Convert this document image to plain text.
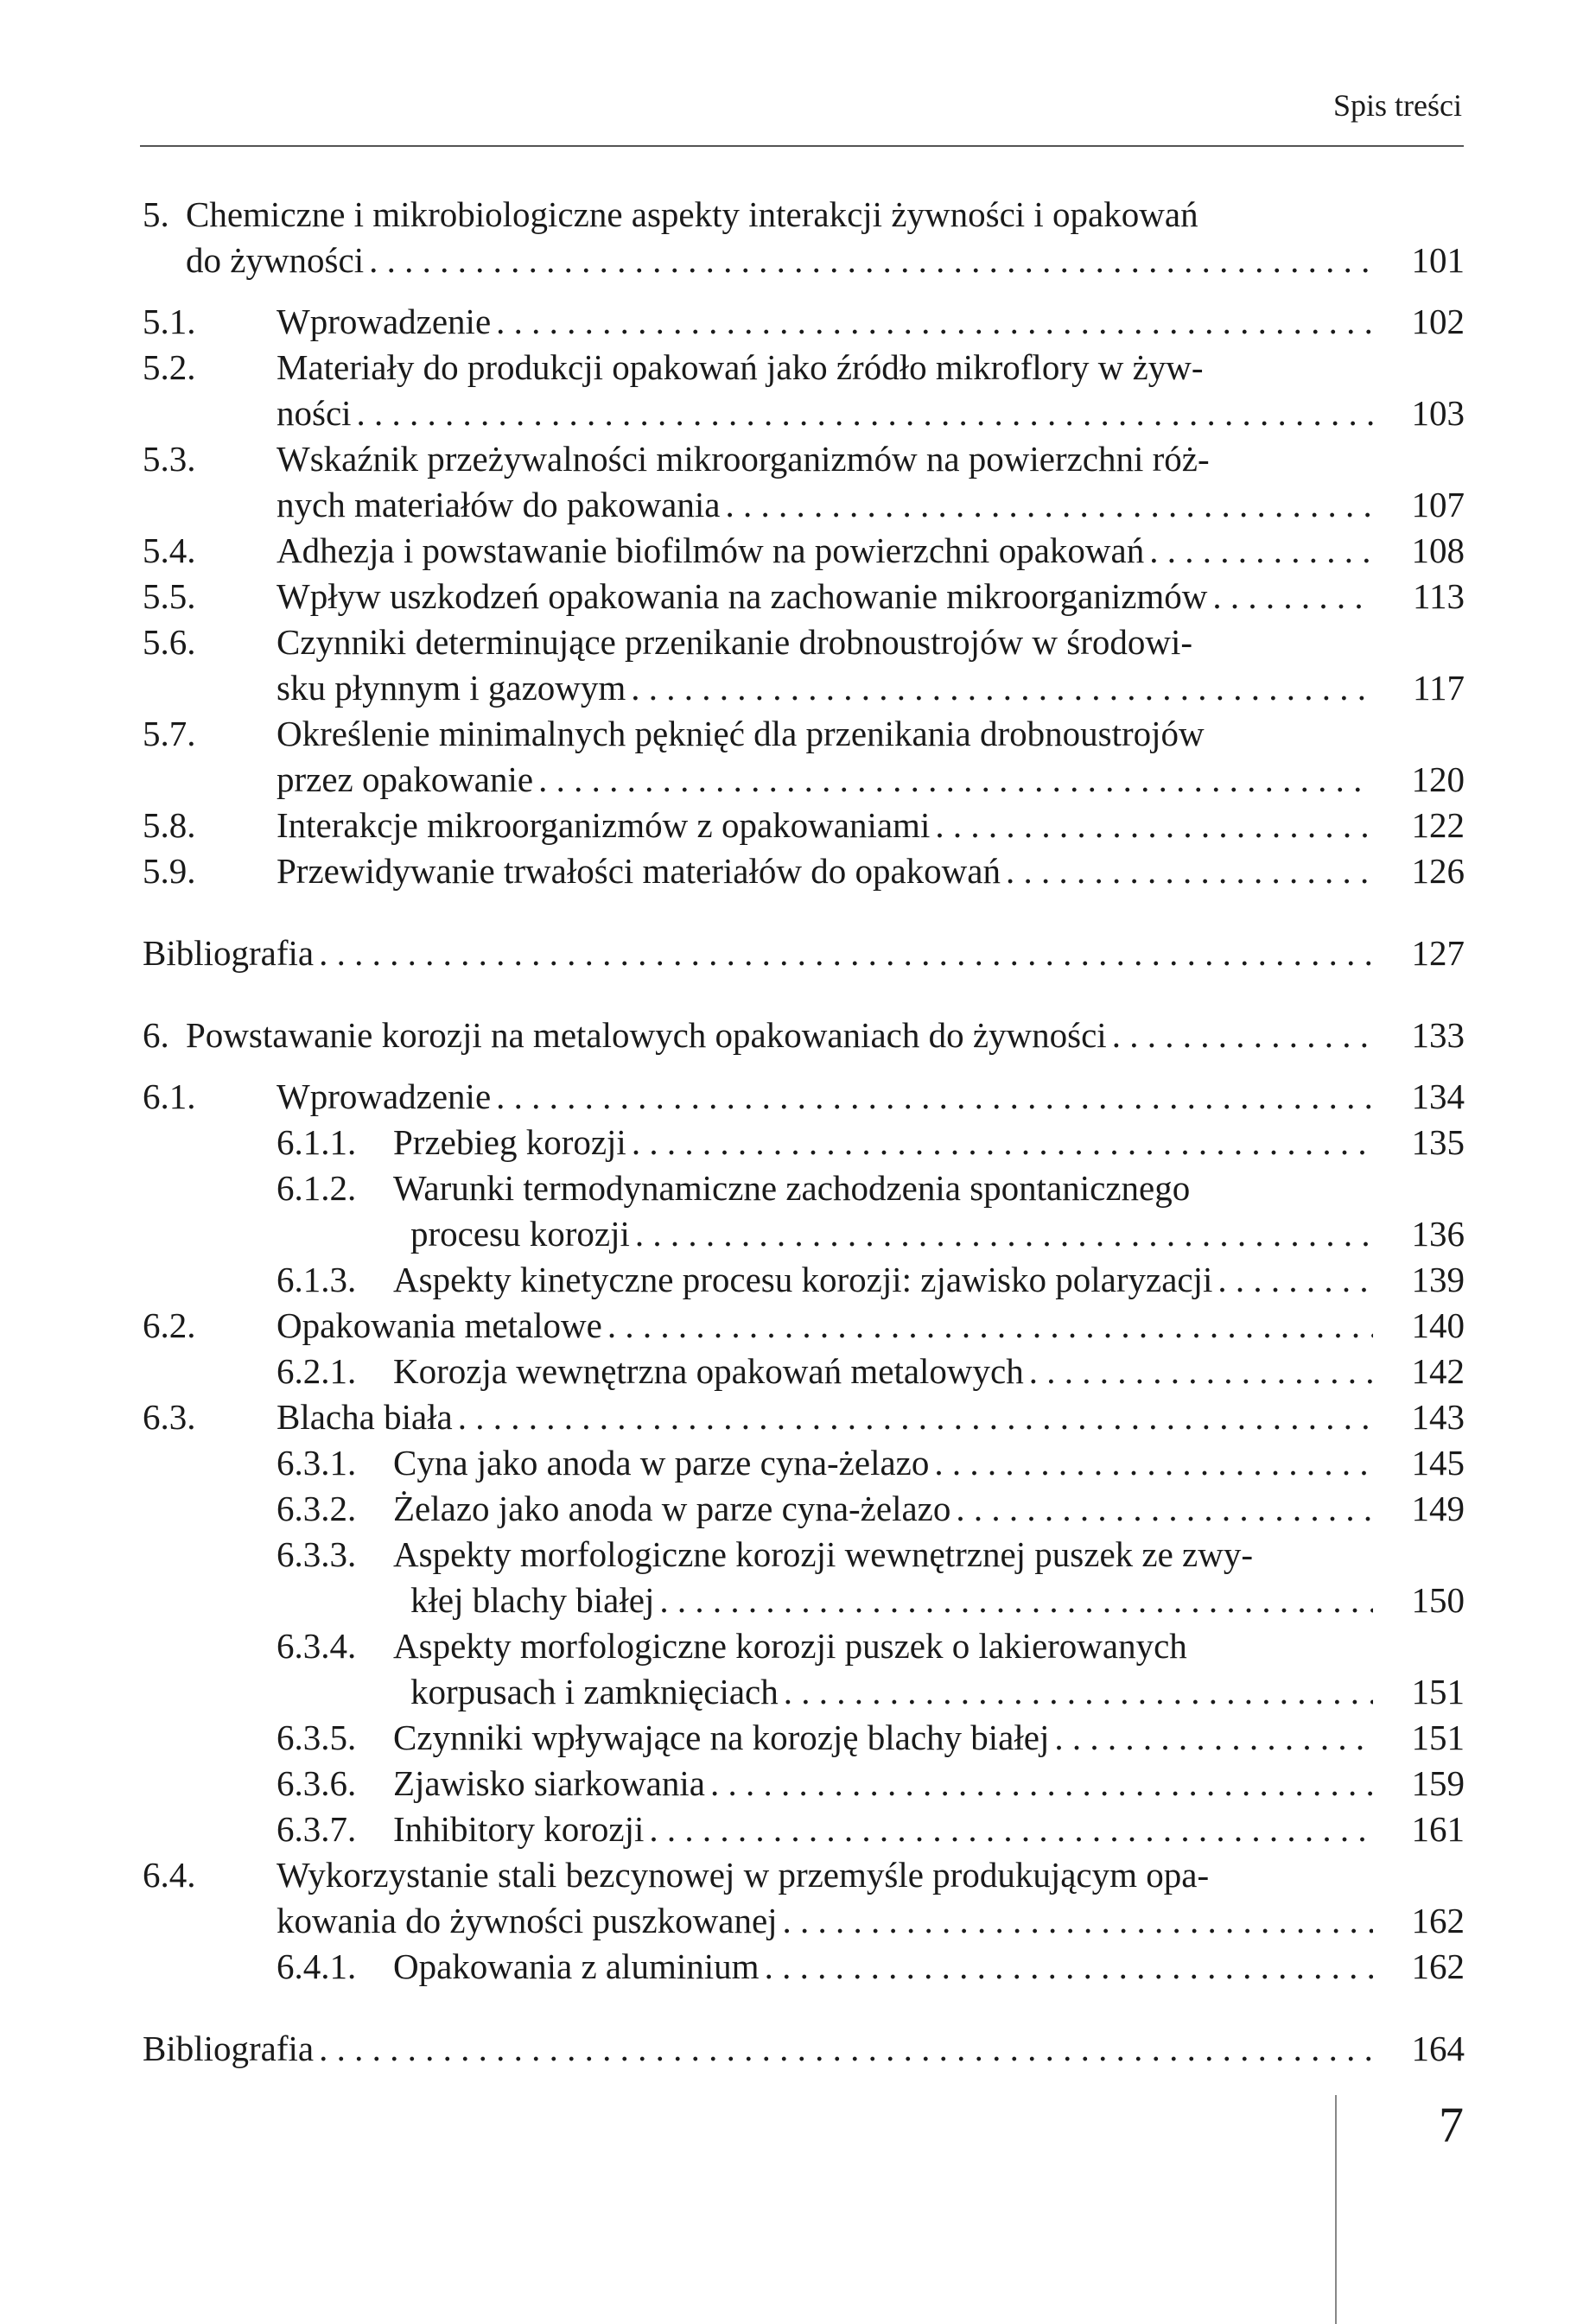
Spis treści
5. Chemiczne i mikrobiologiczne aspekty interakcji żywności i opakowań
do żywności . . .	101
5.1. Wprowadzenie . . .	102
5.2. Materiały do produkcji opakowań jako źródło mikroflory w żyw-
ności . . .	103
5.3. Wskaźnik przeżywalności mikroorganizmów na powierzchni róż-
nych materiałów do pakowania . . .	107
5.4. Adhezja i powstawanie biofilmów na powierzchni opakowań . . .	108
5.5. Wpływ uszkodzeń opakowania na zachowanie mikroorganizmów . . .	113
5.6. Czynniki determinujące przenikanie drobnoustrojów w środowi-
sku płynnym i gazowym . . .	117
5.7. Określenie minimalnych pęknięć dla przenikania drobnoustrojów
przez opakowanie . . .	120
5.8. Interakcje mikroorganizmów z opakowaniami . . .	122
5.9. Przewidywanie trwałości materiałów do opakowań . . .	126
Bibliografia . . .	127
6. Powstawanie korozji na metalowych opakowaniach do żywności . . .	133
6.1. Wprowadzenie . . .	134
6.1.1. Przebieg korozji . . .	135
6.1.2. Warunki termodynamiczne zachodzenia spontanicznego
procesu korozji . . .	136
6.1.3. Aspekty kinetyczne procesu korozji: zjawisko polaryzacji . . .	139
6.2. Opakowania metalowe . . .	140
6.2.1. Korozja wewnętrzna opakowań metalowych . . .	142
6.3. Blacha biała . . .	143
6.3.1. Cyna jako anoda w parze cyna-żelazo . . .	145
6.3.2. Żelazo jako anoda w parze cyna-żelazo . . .	149
6.3.3. Aspekty morfologiczne korozji wewnętrznej puszek ze zwy-
kłej blachy białej . . .	150
6.3.4. Aspekty morfologiczne korozji puszek o lakierowanych
korpusach i zamknięciach . . .	151
6.3.5. Czynniki wpływające na korozję blachy białej . . .	151
6.3.6. Zjawisko siarkowania . . .	159
6.3.7. Inhibitory korozji . . .	161
6.4. Wykorzystanie stali bezcynowej w przemyśle produkującym opa-
kowania do żywności puszkowanej . . .	162
6.4.1. Opakowania z aluminium . . .	162
Bibliografia . . .	164
7
